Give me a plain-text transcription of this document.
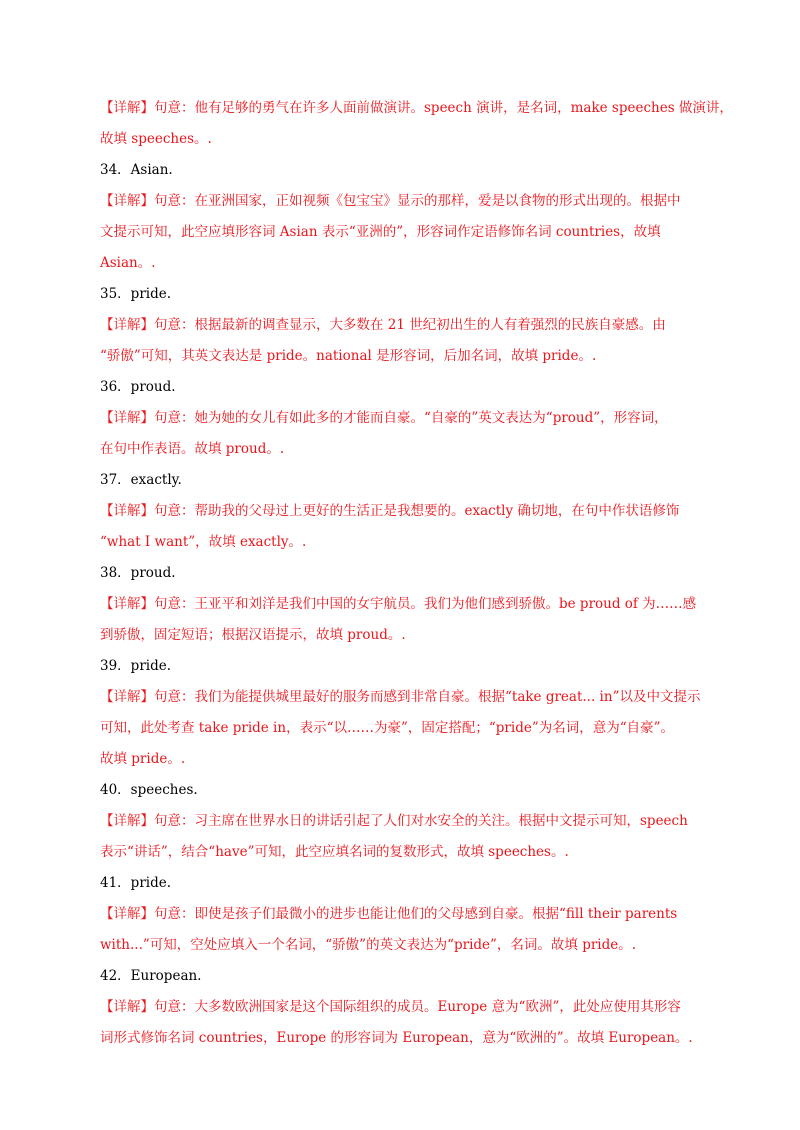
【详解】句意：他有足够的勇气在许多人面前做演讲。speech 演讲，是名词，make speeches 做演讲，
故填 speeches。.
34．Asian.
【详解】句意：在亚洲国家，正如视频《包宝宝》显示的那样，爱是以食物的形式出现的。根据中
文提示可知，此空应填形容词 Asian 表示“亚洲的”，形容词作定语修饰名词 countries，故填
Asian。.
35．pride.
【详解】句意：根据最新的调查显示，大多数在 21 世纪初出生的人有着强烈的民族自豪感。由
“骄傲”可知，其英文表达是 pride。national 是形容词，后加名词，故填 pride。.
36．proud.
【详解】句意：她为她的女儿有如此多的才能而自豪。“自豪的”英文表达为“proud”，形容词，
在句中作表语。故填 proud。.
37．exactly.
【详解】句意：帮助我的父母过上更好的生活正是我想要的。exactly 确切地，在句中作状语修饰
“what I want”，故填 exactly。.
38．proud.
【详解】句意：王亚平和刘洋是我们中国的女宇航员。我们为他们感到骄傲。be proud of 为……感
到骄傲，固定短语；根据汉语提示，故填 proud。.
39．pride.
【详解】句意：我们为能提供城里最好的服务而感到非常自豪。根据“take great... in”以及中文提示
可知，此处考查 take pride in，表示“以……为豪”，固定搭配；“pride”为名词，意为“自豪”。
故填 pride。.
40．speeches.
【详解】句意：习主席在世界水日的讲话引起了人们对水安全的关注。根据中文提示可知，speech
表示“讲话”，结合“have”可知，此空应填名词的复数形式，故填 speeches。.
41．pride.
【详解】句意：即使是孩子们最微小的进步也能让他们的父母感到自豪。根据“fill their parents
with...”可知，空处应填入一个名词，“骄傲”的英文表达为“pride”，名词。故填 pride。.
42．European.
【详解】句意：大多数欧洲国家是这个国际组织的成员。Europe 意为“欧洲”，此处应使用其形容
词形式修饰名词 countries，Europe 的形容词为 European，意为“欧洲的”。故填 European。.
